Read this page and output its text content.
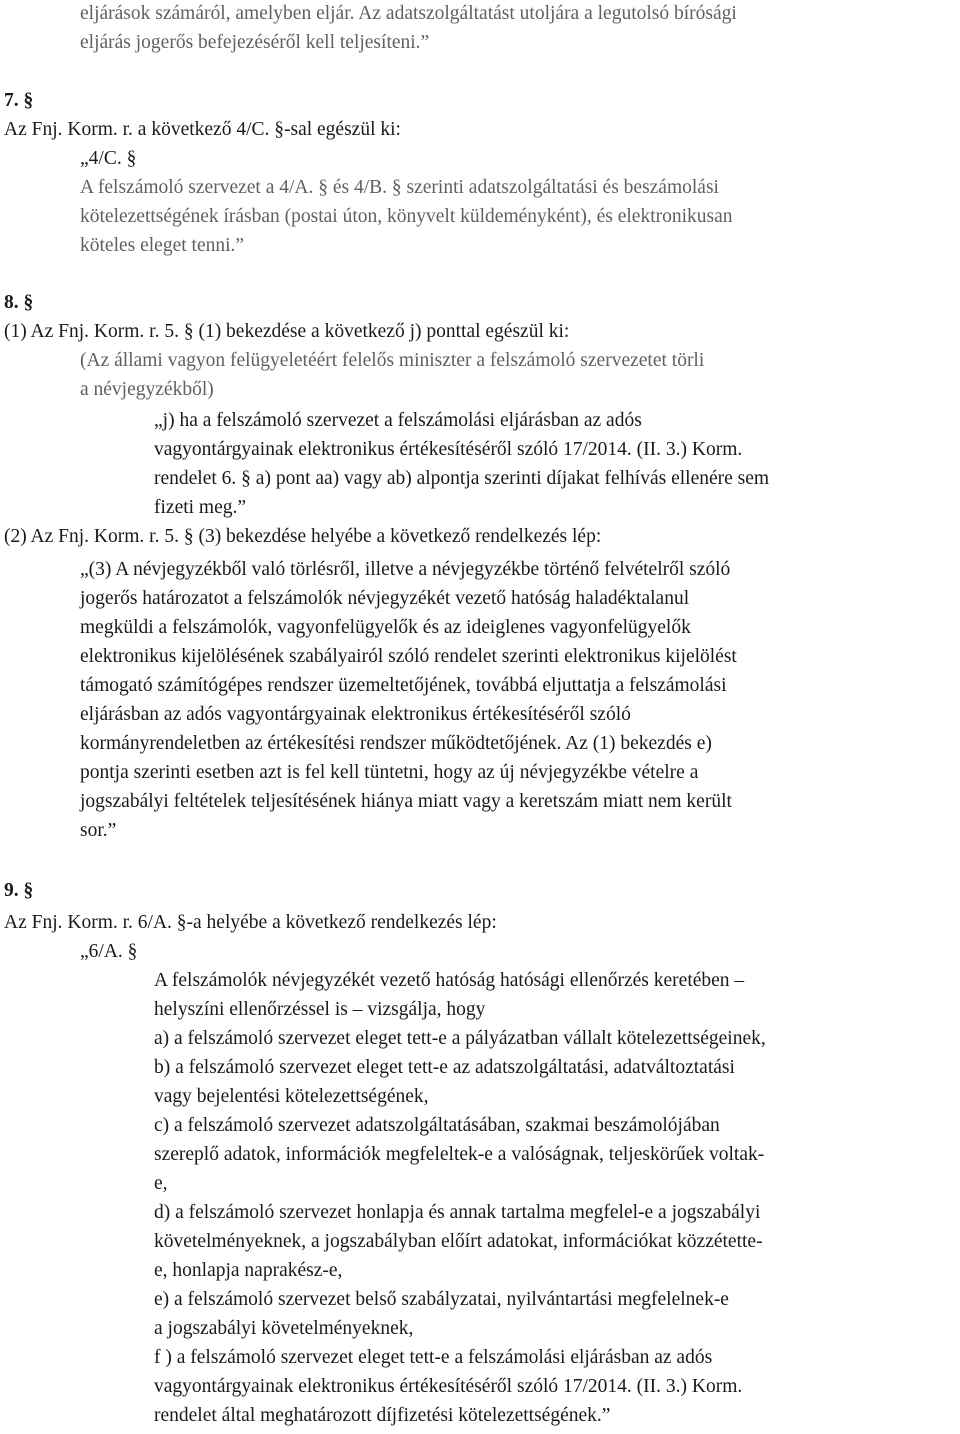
eljárások számáról, amelyben eljár. Az adatszolgáltatást utoljára a legutolsó bírósági
eljárás jogerős befejezéséről kell teljesíteni.”
7. §
Az Fnj. Korm. r. a következő 4/C. §-sal egészül ki:
„4/C. §
A felszámoló szervezet a 4/A. § és 4/B. § szerinti adatszolgáltatási és beszámolási
kötelezettségének írásban (postai úton, könyvelt küldeményként), és elektronikusan
köteles eleget tenni.”
8. §
(1) Az Fnj. Korm. r. 5. § (1) bekezdése a következő j) ponttal egészül ki:
(Az állami vagyon felügyeletéért felelős miniszter a felszámoló szervezetet törli
a névjegyzékből)
„j) ha a felszámoló szervezet a felszámolási eljárásban az adós
vagyontárgyainak elektronikus értékesítéséről szóló 17/2014. (II. 3.) Korm.
rendelet 6. § a) pont aa) vagy ab) alpontja szerinti díjakat felhívás ellenére sem
fizeti meg.”
(2) Az Fnj. Korm. r. 5. § (3) bekezdése helyébe a következő rendelkezés lép:
„(3) A névjegyzékből való törlésről, illetve a névjegyzékbe történő felvételről szóló
jogerős határozatot a felszámolók névjegyzékét vezető hatóság haladéktalanul
megküldi a felszámolók, vagyonfelügyelők és az ideiglenes vagyonfelügyelők
elektronikus kijelölésének szabályairól szóló rendelet szerinti elektronikus kijelölést
támogató számítógépes rendszer üzemeltetőjének, továbbá eljuttatja a felszámolási
eljárásban az adós vagyontárgyainak elektronikus értékesítéséről szóló
kormányrendeletben az értékesítési rendszer működtetőjének. Az (1) bekezdés e)
pontja szerinti esetben azt is fel kell tüntetni, hogy az új névjegyzékbe vételre a
jogszabályi feltételek teljesítésének hiánya miatt vagy a keretszám miatt nem került
sor.”
9. §
Az Fnj. Korm. r. 6/A. §-a helyébe a következő rendelkezés lép:
„6/A. §
A felszámolók névjegyzékét vezető hatóság hatósági ellenőrzés keretében –
helyszíni ellenőrzéssel is – vizsgálja, hogy
a) a felszámoló szervezet eleget tett-e a pályázatban vállalt kötelezettségeinek,
b) a felszámoló szervezet eleget tett-e az adatszolgáltatási, adatváltoztatási
vagy bejelentési kötelezettségének,
c) a felszámoló szervezet adatszolgáltatásában, szakmai beszámolójában
szereplő adatok, információk megfeleltek-e a valóságnak, teljeskörűek voltak-
e,
d) a felszámoló szervezet honlapja és annak tartalma megfelel-e a jogszabályi
követelményeknek, a jogszabályban előírt adatokat, információkat közzétette-
e, honlapja naprakész-e,
e) a felszámoló szervezet belső szabályzatai, nyilvántartási megfelelnek-e
a jogszabályi követelményeknek,
f ) a felszámoló szervezet eleget tett-e a felszámolási eljárásban az adós
vagyontárgyainak elektronikus értékesítéséről szóló 17/2014. (II. 3.) Korm.
rendelet által meghatározott díjfizetési kötelezettségének.”
